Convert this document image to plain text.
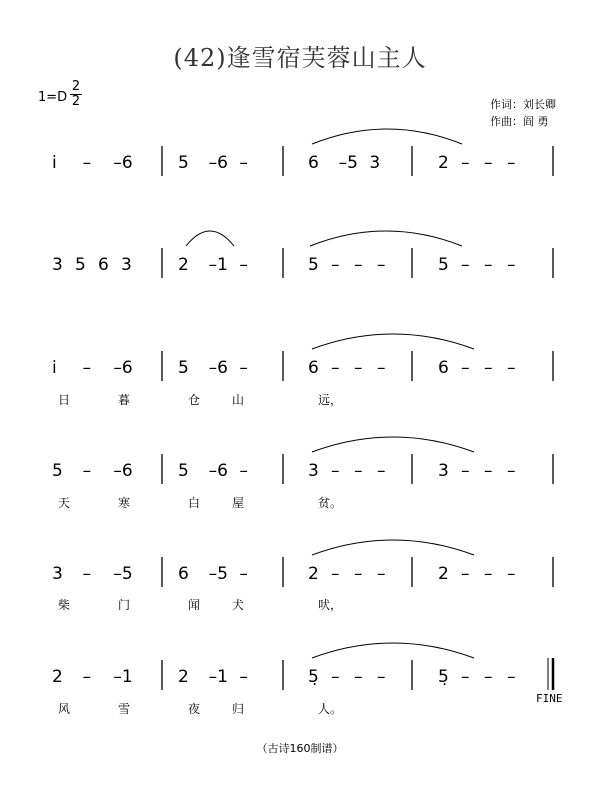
(42)逢雪宿芙蓉山主人
$1=D \frac{2}{2}$	作词：刘长卿
作曲：阎 勇
i̇ – –6	5 –6 –	6 –5 3	2 – – –
3 5 6 3	2 –1 –	5 – – –	5 – – –
i̇ – –6	5 –6 –	6 – – –	6 – – –
日	暮	仓	山	远，
5 – –6	5 –6 –	3 – – –	3 – – –
天	寒	白	屋	贫。
3 – –5	6 –5 –	2 – – –	2 – – –
柴	门	闻	犬	吠，
2 – –1	2 –1 –	5̣ – – –	5̣ – – –
风	雪	夜	归	人。
FINE
（古诗160制谱）
